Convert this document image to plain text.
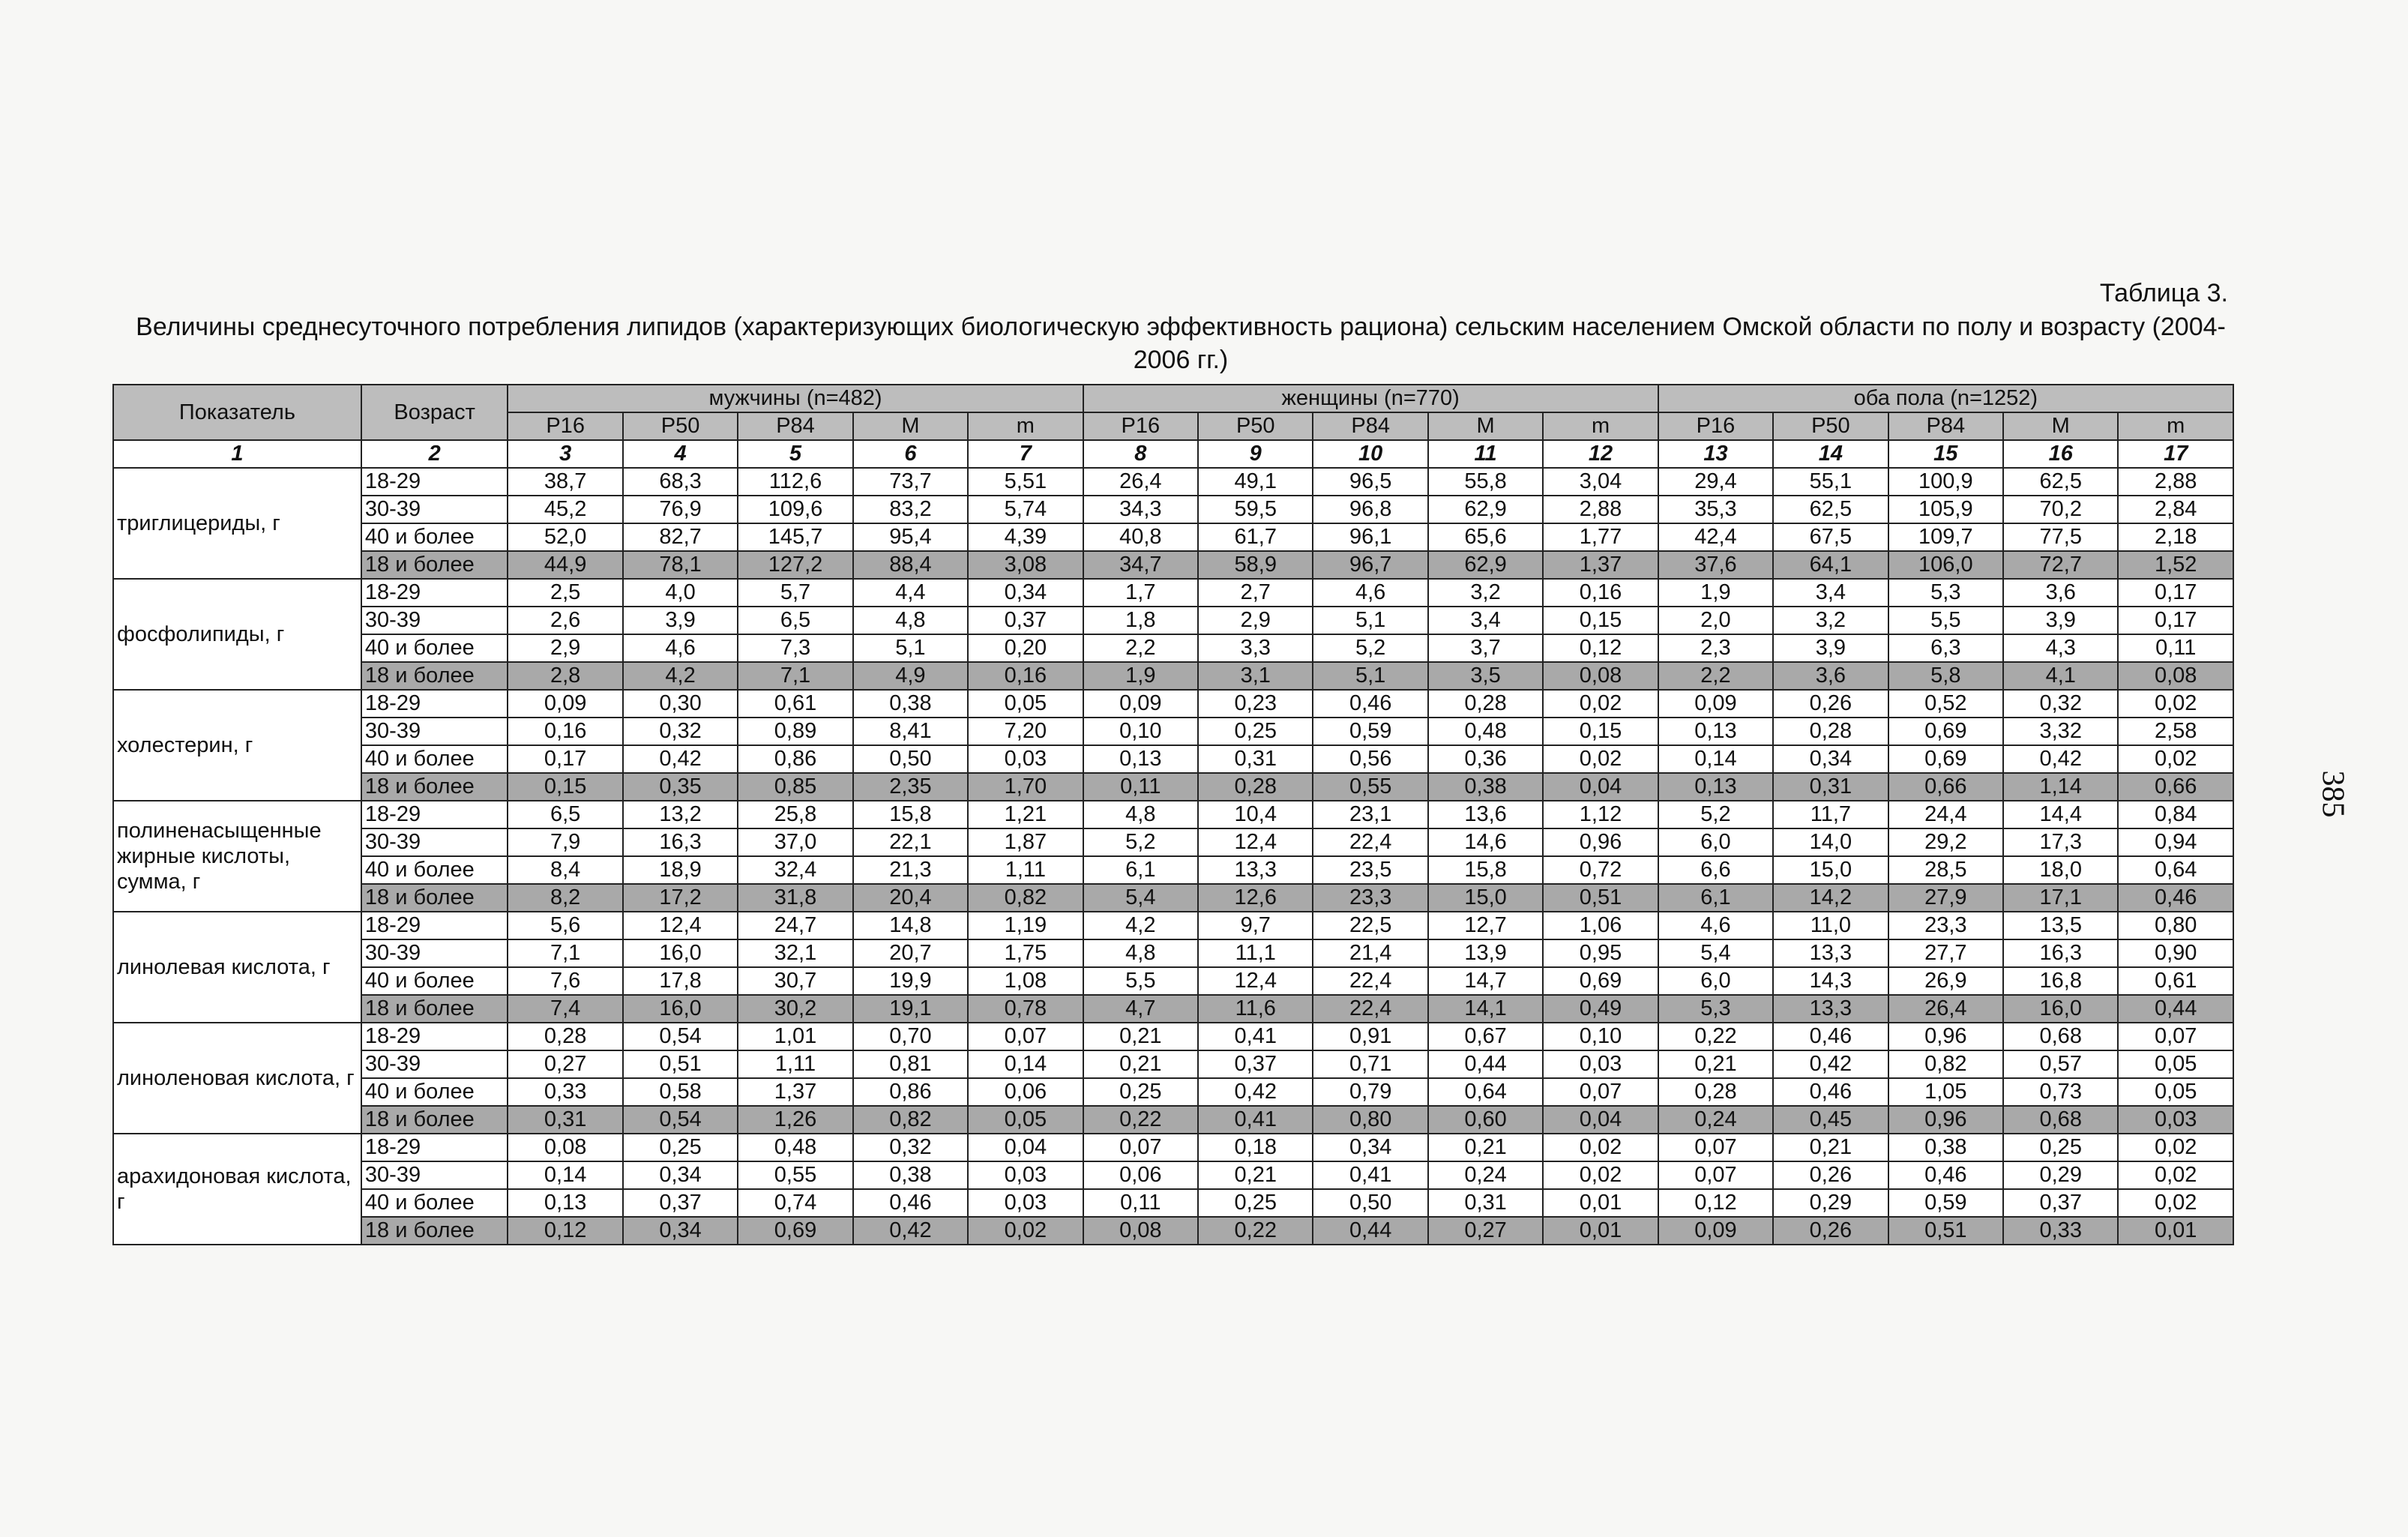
Таблица 3.
Величины среднесуточного потребления липидов (характеризующих биологическую эффективность рациона) сельским населением Омской области по полу и возрасту (2004-2006 гг.)
385
Показатель	Возраст	мужчины (n=482)					женщины (n=770)					оба пола (n=1252)				
		P16	P50	P84	M	m	P16	P50	P84	M	m	P16	P50	P84	M	m
1	2	3	4	5	6	7	8	9	10	11	12	13	14	15	16	17
триглицериды, г	18-29	38,7	68,3	112,6	73,7	5,51	26,4	49,1	96,5	55,8	3,04	29,4	55,1	100,9	62,5	2,88
	30-39	45,2	76,9	109,6	83,2	5,74	34,3	59,5	96,8	62,9	2,88	35,3	62,5	105,9	70,2	2,84
	40 и более	52,0	82,7	145,7	95,4	4,39	40,8	61,7	96,1	65,6	1,77	42,4	67,5	109,7	77,5	2,18
	18 и более	44,9	78,1	127,2	88,4	3,08	34,7	58,9	96,7	62,9	1,37	37,6	64,1	106,0	72,7	1,52
фосфолипиды, г	18-29	2,5	4,0	5,7	4,4	0,34	1,7	2,7	4,6	3,2	0,16	1,9	3,4	5,3	3,6	0,17
	30-39	2,6	3,9	6,5	4,8	0,37	1,8	2,9	5,1	3,4	0,15	2,0	3,2	5,5	3,9	0,17
	40 и более	2,9	4,6	7,3	5,1	0,20	2,2	3,3	5,2	3,7	0,12	2,3	3,9	6,3	4,3	0,11
	18 и более	2,8	4,2	7,1	4,9	0,16	1,9	3,1	5,1	3,5	0,08	2,2	3,6	5,8	4,1	0,08
холестерин, г	18-29	0,09	0,30	0,61	0,38	0,05	0,09	0,23	0,46	0,28	0,02	0,09	0,26	0,52	0,32	0,02
	30-39	0,16	0,32	0,89	8,41	7,20	0,10	0,25	0,59	0,48	0,15	0,13	0,28	0,69	3,32	2,58
	40 и более	0,17	0,42	0,86	0,50	0,03	0,13	0,31	0,56	0,36	0,02	0,14	0,34	0,69	0,42	0,02
	18 и более	0,15	0,35	0,85	2,35	1,70	0,11	0,28	0,55	0,38	0,04	0,13	0,31	0,66	1,14	0,66
полиненасыщенные жирные кислоты, сумма, г	18-29	6,5	13,2	25,8	15,8	1,21	4,8	10,4	23,1	13,6	1,12	5,2	11,7	24,4	14,4	0,84
	30-39	7,9	16,3	37,0	22,1	1,87	5,2	12,4	22,4	14,6	0,96	6,0	14,0	29,2	17,3	0,94
	40 и более	8,4	18,9	32,4	21,3	1,11	6,1	13,3	23,5	15,8	0,72	6,6	15,0	28,5	18,0	0,64
	18 и более	8,2	17,2	31,8	20,4	0,82	5,4	12,6	23,3	15,0	0,51	6,1	14,2	27,9	17,1	0,46
линолевая кислота, г	18-29	5,6	12,4	24,7	14,8	1,19	4,2	9,7	22,5	12,7	1,06	4,6	11,0	23,3	13,5	0,80
	30-39	7,1	16,0	32,1	20,7	1,75	4,8	11,1	21,4	13,9	0,95	5,4	13,3	27,7	16,3	0,90
	40 и более	7,6	17,8	30,7	19,9	1,08	5,5	12,4	22,4	14,7	0,69	6,0	14,3	26,9	16,8	0,61
	18 и более	7,4	16,0	30,2	19,1	0,78	4,7	11,6	22,4	14,1	0,49	5,3	13,3	26,4	16,0	0,44
линоленовая кислота, г	18-29	0,28	0,54	1,01	0,70	0,07	0,21	0,41	0,91	0,67	0,10	0,22	0,46	0,96	0,68	0,07
	30-39	0,27	0,51	1,11	0,81	0,14	0,21	0,37	0,71	0,44	0,03	0,21	0,42	0,82	0,57	0,05
	40 и более	0,33	0,58	1,37	0,86	0,06	0,25	0,42	0,79	0,64	0,07	0,28	0,46	1,05	0,73	0,05
	18 и более	0,31	0,54	1,26	0,82	0,05	0,22	0,41	0,80	0,60	0,04	0,24	0,45	0,96	0,68	0,03
арахидоновая кислота, г	18-29	0,08	0,25	0,48	0,32	0,04	0,07	0,18	0,34	0,21	0,02	0,07	0,21	0,38	0,25	0,02
	30-39	0,14	0,34	0,55	0,38	0,03	0,06	0,21	0,41	0,24	0,02	0,07	0,26	0,46	0,29	0,02
	40 и более	0,13	0,37	0,74	0,46	0,03	0,11	0,25	0,50	0,31	0,01	0,12	0,29	0,59	0,37	0,02
	18 и более	0,12	0,34	0,69	0,42	0,02	0,08	0,22	0,44	0,27	0,01	0,09	0,26	0,51	0,33	0,01
